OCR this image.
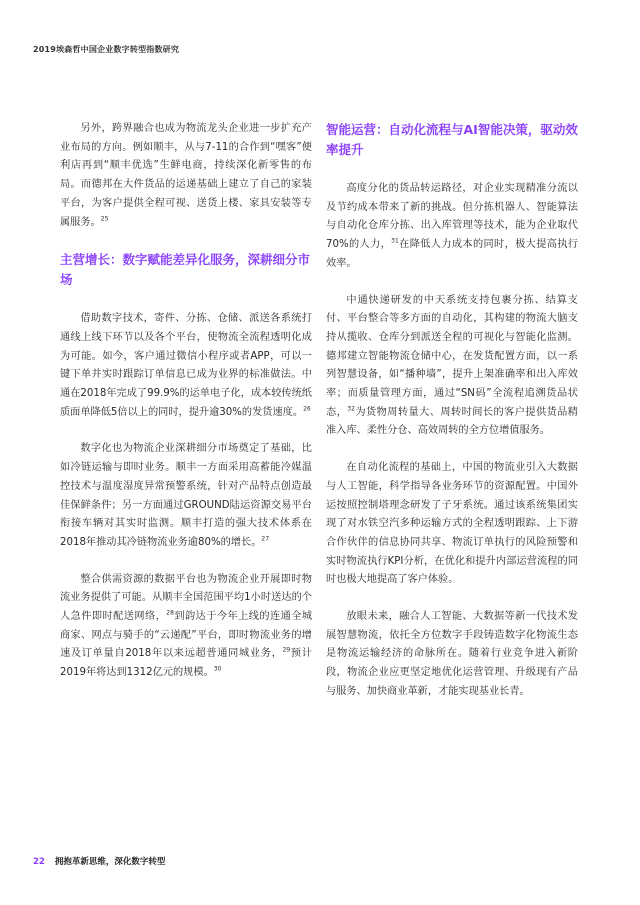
2019埃森哲中国企业数字转型指数研究

另外，跨界融合也成为物流龙头企业进一步扩充产业布局的方向。例如顺丰，从与7-11的合作到“嘿客”便利店再到“顺丰优选”生鲜电商，持续深化新零售的布局。而德邦在大件货品的运递基础上建立了自己的家装平台，为客户提供全程可视、送货上楼、家具安装等专属服务。$^{25}$

主营增长：数字赋能差异化服务，深耕细分市场

借助数字技术，寄件、分拣、仓储、派送各系统打通线上线下环节以及各个平台，使物流全流程透明化成为可能。如今，客户通过微信小程序或者APP，可以一键下单并实时跟踪订单信息已成为业界的标准做法。中通在2018年完成了99.9%的运单电子化，成本较传统纸质面单降低5倍以上的同时，提升逾30%的发货速度。$^{26}$

数字化也为物流企业深耕细分市场奠定了基础，比如冷链运输与即时业务。顺丰一方面采用高蓄能冷媒温控技术与温度湿度异常预警系统，针对产品特点创造最佳保鲜条件；另一方面通过GROUND陆运资源交易平台衔接车辆对其实时监测。顺丰打造的强大技术体系在2018年推动其冷链物流业务逾80%的增长。$^{27}$

整合供需资源的数据平台也为物流企业开展即时物流业务提供了可能。从顺丰全国范围平均1小时送达的个人急件即时配送网络，$^{28}$到韵达于今年上线的连通全城商家、网点与骑手的“云递配”平台，即时物流业务的增速及订单量自2018年以来远超普通同城业务，$^{29}$预计2019年将达到1312亿元的规模。$^{30}$

智能运营：自动化流程与AI智能决策，驱动效率提升

高度分化的货品转运路径，对企业实现精准分流以及节约成本带来了新的挑战。但分拣机器人、智能算法与自动化仓库分拣、出入库管理等技术，能为企业取代70%的人力，$^{31}$在降低人力成本的同时，极大提高执行效率。

中通快递研发的中天系统支持包裹分拣、结算支付、平台整合等多方面的自动化，其构建的物流大脑支持从揽收、仓库分到派送全程的可视化与智能化监测。德邦建立智能物流仓储中心，在发货配置方面，以一系列智慧设备，如“播种墙”，提升上架准确率和出入库效率；而质量管理方面，通过“SN码”全流程追溯货品状态，$^{32}$为货物周转量大、周转时间长的客户提供货品精准入库、柔性分仓、高效周转的全方位增值服务。

在自动化流程的基础上，中国的物流业引入大数据与人工智能，科学指导各业务环节的资源配置。中国外运按照控制塔理念研发了子牙系统。通过该系统集团实现了对水铁空汽多种运输方式的全程透明跟踪、上下游合作伙伴的信息协同共享、物流订单执行的风险预警和实时物流执行KPI分析，在优化和提升内部运营流程的同时也极大地提高了客户体验。

放眼未来，融合人工智能、大数据等新一代技术发展智慧物流，依托全方位数字手段铸造数字化物流生态是物流运输经济的命脉所在。随着行业竞争进入新阶段，物流企业应更坚定地优化运营管理、升级现有产品与服务、加快商业革新，才能实现基业长青。

22 拥抱革新思维，深化数字转型
